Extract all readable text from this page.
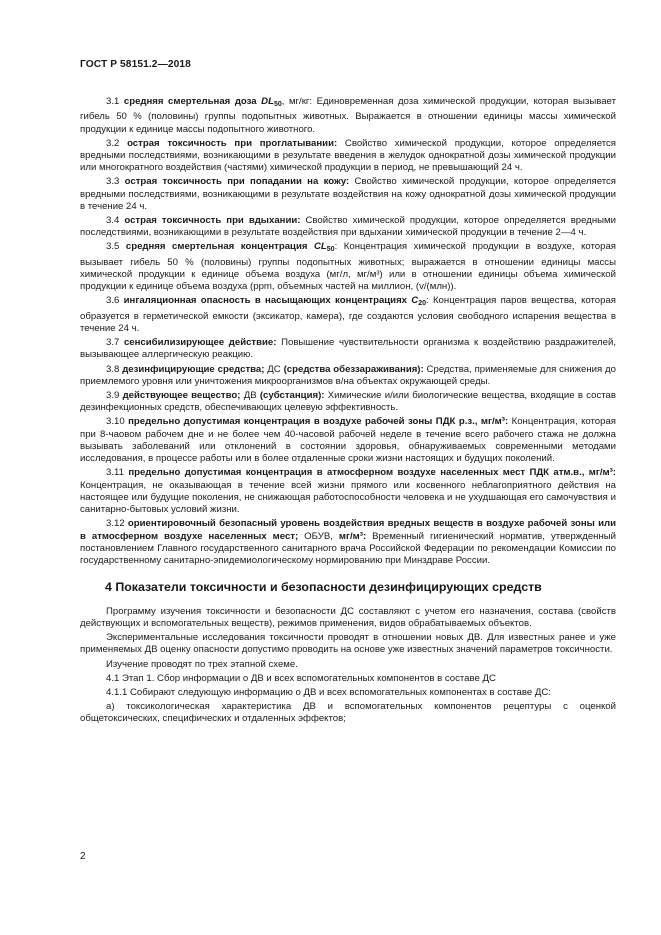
ГОСТ Р 58151.2—2018
3.1 средняя смертельная доза $DL_{50}$, мг/кг: Единовременная доза химической продукции, которая вызывает гибель 50 % (половины) группы подопытных животных. Выражается в отношении единицы массы химической продукции к единице массы подопытного животного.
3.2 острая токсичность при проглатывании: Свойство химической продукции, которое определяется вредными последствиями, возникающими в результате введения в желудок однократной дозы химической продукции или многократного воздействия (частями) химической продукции в период, не превышающий 24 ч.
3.3 острая токсичность при попадании на кожу: Свойство химической продукции, которое определяется вредными последствиями, возникающими в результате воздействия на кожу однократной дозы химической продукции в течение 24 ч.
3.4 острая токсичность при вдыхании: Свойство химической продукции, которое определяется вредными последствиями, возникающими в результате воздействия при вдыхании химической продукции в течение 2—4 ч.
3.5 средняя смертельная концентрация $CL_{50}$: Концентрация химической продукции в воздухе, которая вызывает гибель 50 % (половины) группы подопытных животных; выражается в отношении единицы массы химической продукции к единице объема воздуха (мг/л, мг/м³) или в отношении единицы объема химической продукции к единице объема воздуха (ppm, объемных частей на миллион, (v/(млн)).
3.6 ингаляционная опасность в насыщающих концентрациях $C_{20}$: Концентрация паров вещества, которая образуется в герметической емкости (эксикатор, камера), где создаются условия свободного испарения вещества в течение 24 ч.
3.7 сенсибилизирующее действие: Повышение чувствительности организма к воздействию раздражителей, вызывающее аллергическую реакцию.
3.8 дезинфицирующие средства; ДС (средства обеззараживания): Средства, применяемые для снижения до приемлемого уровня или уничтожения микроорганизмов в/на объектах окружающей среды.
3.9 действующее вещество; ДВ (субстанция): Химические и/или биологические вещества, входящие в состав дезинфекционных средств, обеспечивающих целевую эффективность.
3.10 предельно допустимая концентрация в воздухе рабочей зоны ПДК р.з., мг/м³: Концентрация, которая при 8-чаовом рабочем дне и не более чем 40-часовой рабочей неделе в течение всего рабочего стажа не должна вызывать заболеваний или отклонений в состоянии здоровья, обнаруживаемых современными методами исследования, в процессе работы или в более отдаленные сроки жизни настоящих и будущих поколений.
3.11 предельно допустимая концентрация в атмосферном воздухе населенных мест ПДК атм.в., мг/м³: Концентрация, не оказывающая в течение всей жизни прямого или косвенного неблагоприятного действия на настоящее или будущие поколения, не снижающая работоспособности человека и не ухудшающая его самочувствия и санитарно-бытовых условий жизни.
3.12 ориентировочный безопасный уровень воздействия вредных веществ в воздухе рабочей зоны или в атмосферном воздухе населенных мест; ОБУВ, мг/м³: Временный гигиенический норматив, утвержденный постановлением Главного государственного санитарного врача Российской Федерации по рекомендации Комиссии по государственному санитарно-эпидемиологическому нормированию при Минздраве России.
4 Показатели токсичности и безопасности дезинфицирующих средств
Программу изучения токсичности и безопасности ДС составляют с учетом его назначения, состава (свойств действующих и вспомогательных веществ), режимов применения, видов обрабатываемых объектов.
Экспериментальные исследования токсичности проводят в отношении новых ДВ. Для известных ранее и уже применяемых ДВ оценку опасности допустимо проводить на основе уже известных значений параметров токсичности.
Изучение проводят по трех этапной схеме.
4.1 Этап 1. Сбор информации о ДВ и всех вспомогательных компонентов в составе ДС
4.1.1 Собирают следующую информацию о ДВ и всех вспомогательных компонентах в составе ДС:
а) токсикологическая характеристика ДВ и вспомогательных компонентов рецептуры с оценкой общетоксических, специфических и отдаленных эффектов;
2
